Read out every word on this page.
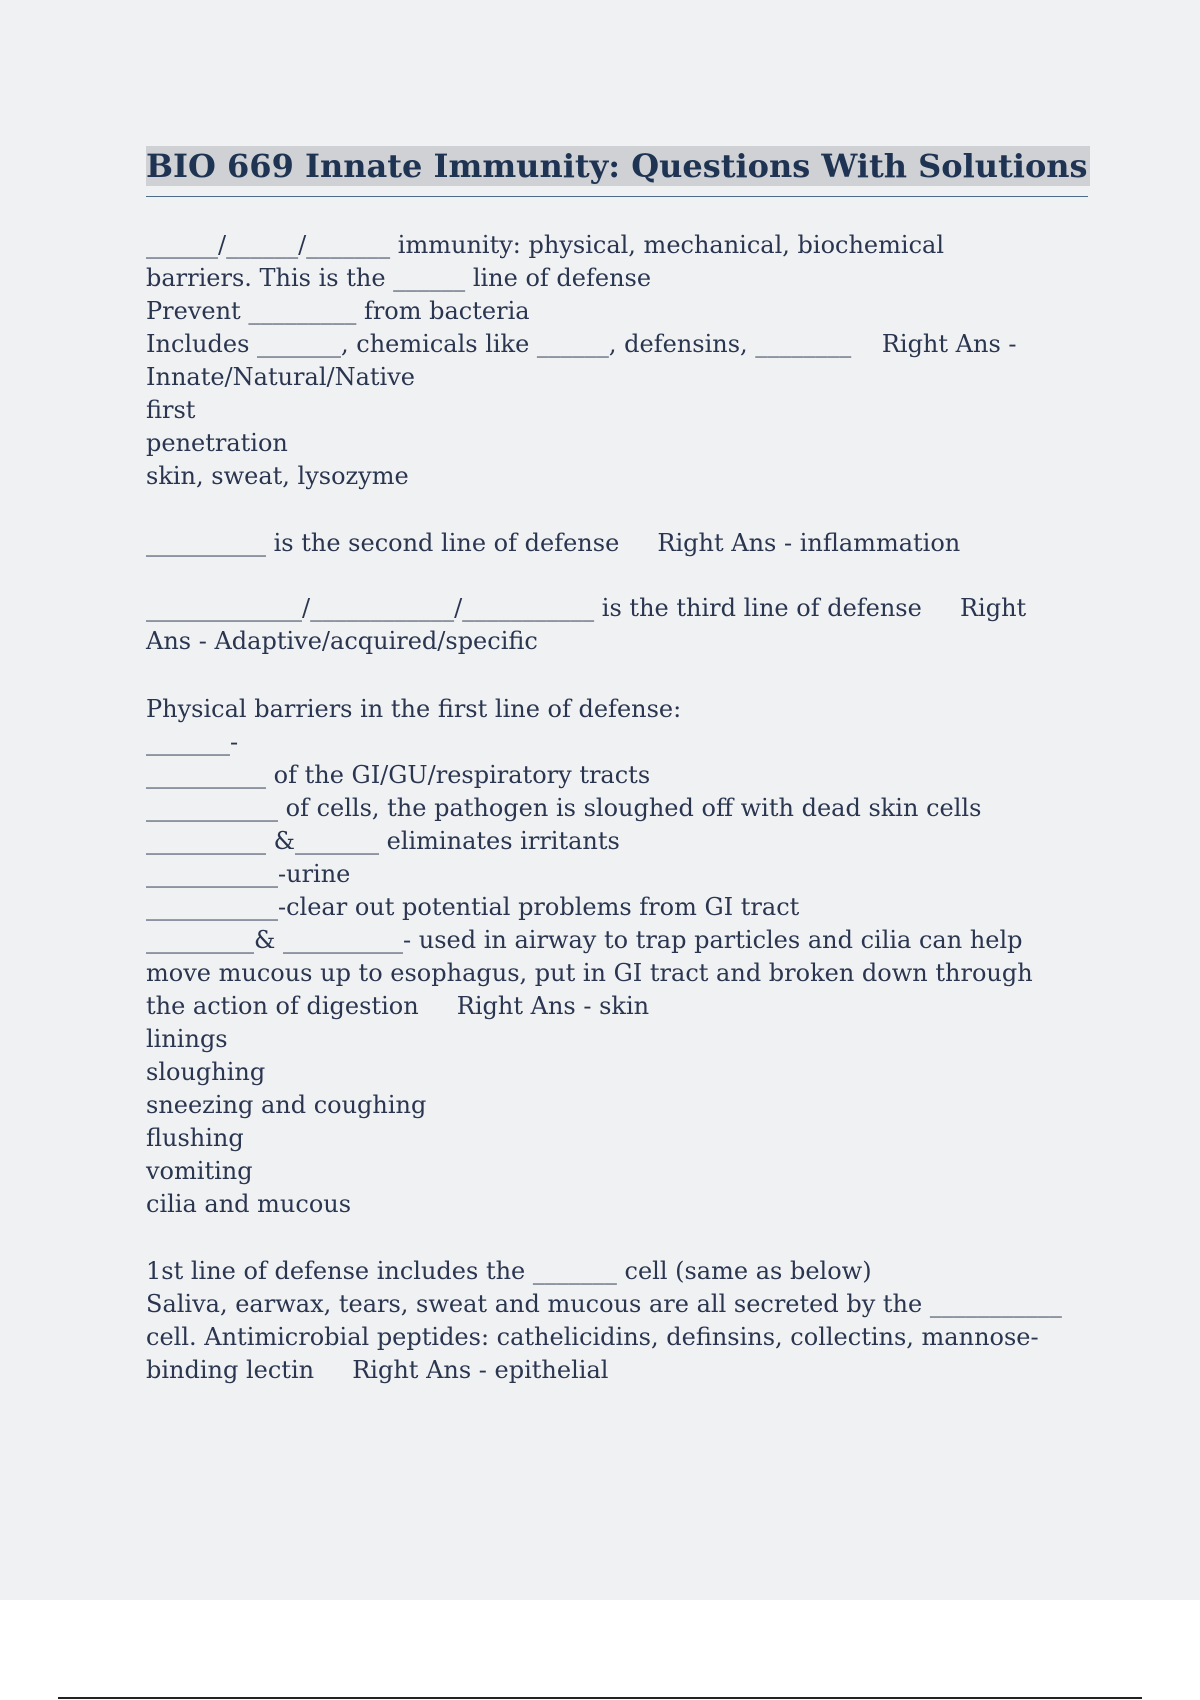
BIO 669 Innate Immunity: Questions With Solutions
______/______/_______ immunity: physical, mechanical, biochemical
barriers. This is the ______ line of defense
Prevent _________ from bacteria
Includes _______, chemicals like ______, defensins, ________    Right Ans -
Innate/Natural/Native
first
penetration
skin, sweat, lysozyme
__________ is the second line of defense     Right Ans - inflammation
_____________/____________/___________ is the third line of defense     Right
Ans - Adaptive/acquired/specific
Physical barriers in the first line of defense:
_______-
__________ of the GI/GU/respiratory tracts
___________ of cells, the pathogen is sloughed off with dead skin cells
__________ &_______ eliminates irritants
___________-urine
___________-clear out potential problems from GI tract
_________& __________- used in airway to trap particles and cilia can help
move mucous up to esophagus, put in GI tract and broken down through
the action of digestion     Right Ans - skin
linings
sloughing
sneezing and coughing
flushing
vomiting
cilia and mucous
1st line of defense includes the _______ cell (same as below)
Saliva, earwax, tears, sweat and mucous are all secreted by the ___________
cell. Antimicrobial peptides: cathelicidins, definsins, collectins, mannose-
binding lectin     Right Ans - epithelial
